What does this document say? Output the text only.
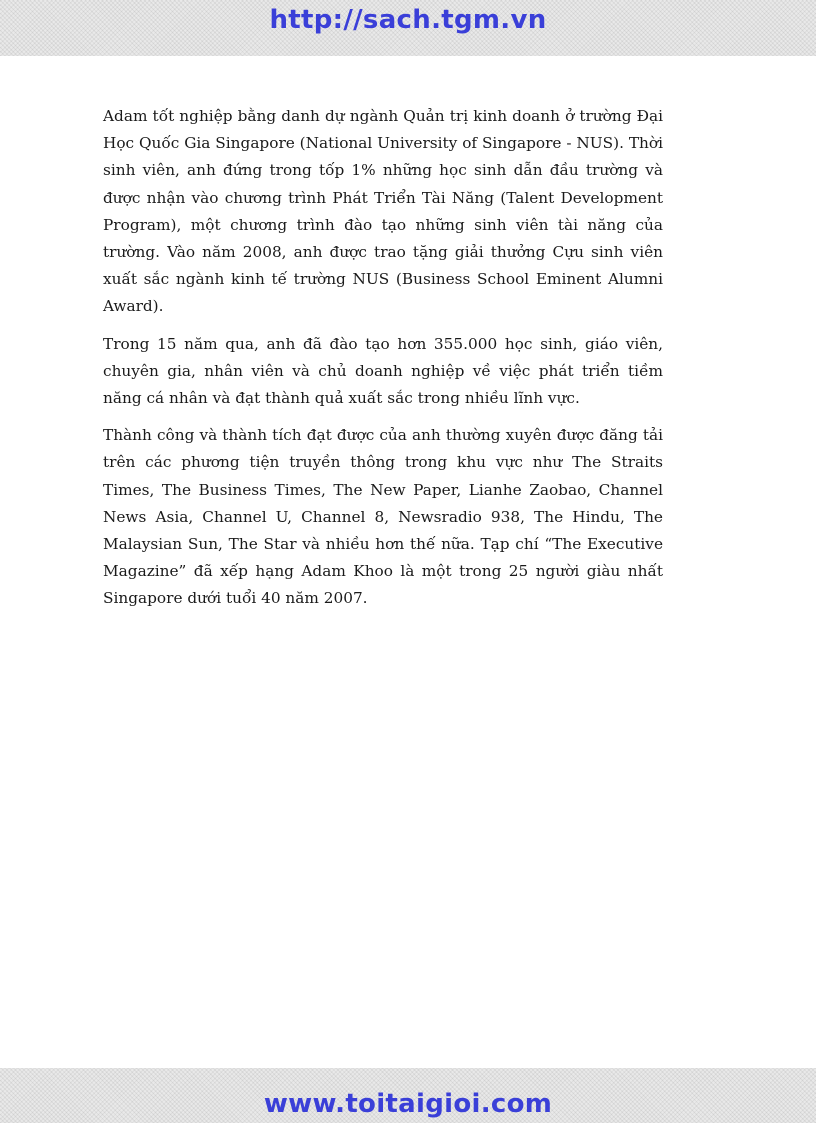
http://sach.tgm.vn

Adam tốt nghiệp bằng danh dự ngành Quản trị kinh doanh ở trường Đại Học Quốc Gia Singapore (National University of Singapore - NUS). Thời sinh viên, anh đứng trong tốp 1% những học sinh dẫn đầu trường và được nhận vào chương trình Phát Triển Tài Năng (Talent Development Program), một chương trình đào tạo những sinh viên tài năng của trường. Vào năm 2008, anh được trao tặng giải thưởng Cựu sinh viên xuất sắc ngành kinh tế trường NUS (Business School Eminent Alumni Award).

Trong 15 năm qua, anh đã đào tạo hơn 355.000 học sinh, giáo viên, chuyên gia, nhân viên và chủ doanh nghiệp về việc phát triển tiềm năng cá nhân và đạt thành quả xuất sắc trong nhiều lĩnh vực.

Thành công và thành tích đạt được của anh thường xuyên được đăng tải trên các phương tiện truyền thông trong khu vực như The Straits Times, The Business Times, The New Paper, Lianhe Zaobao, Channel News Asia, Channel U, Channel 8, Newsradio 938, The Hindu, The Malaysian Sun, The Star và nhiều hơn thế nữa. Tạp chí “The Executive Magazine” đã xếp hạng Adam Khoo là một trong 25 người giàu nhất Singapore dưới tuổi 40 năm 2007.

www.toitaigioi.com
